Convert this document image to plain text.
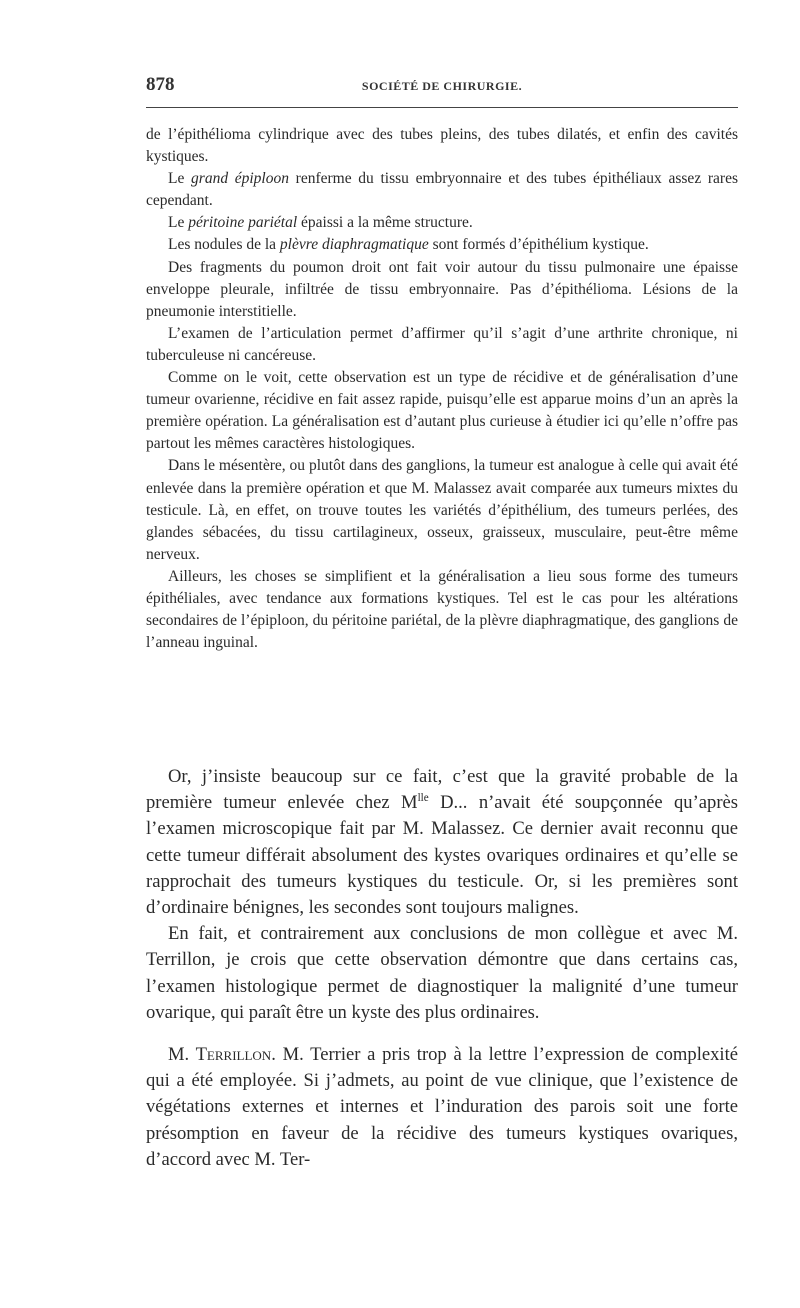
878	SOCIÉTÉ DE CHIRURGIE.

de l’épithélioma cylindrique avec des tubes pleins, des tubes dilatés, et enfin des cavités kystiques.

Le grand épiploon renferme du tissu embryonnaire et des tubes épithéliaux assez rares cependant.

Le péritoine pariétal épaissi a la même structure.

Les nodules de la plèvre diaphragmatique sont formés d’épithélium kystique.

Des fragments du poumon droit ont fait voir autour du tissu pulmonaire une épaisse enveloppe pleurale, infiltrée de tissu embryonnaire. Pas d’épithélioma. Lésions de la pneumonie interstitielle.

L’examen de l’articulation permet d’affirmer qu’il s’agit d’une arthrite chronique, ni tuberculeuse ni cancéreuse.

Comme on le voit, cette observation est un type de récidive et de généralisation d’une tumeur ovarienne, récidive en fait assez rapide, puisqu’elle est apparue moins d’un an après la première opération. La généralisation est d’autant plus curieuse à étudier ici qu’elle n’offre pas partout les mêmes caractères histologiques.

Dans le mésentère, ou plutôt dans des ganglions, la tumeur est analogue à celle qui avait été enlevée dans la première opération et que M. Malassez avait comparée aux tumeurs mixtes du testicule. Là, en effet, on trouve toutes les variétés d’épithélium, des tumeurs perlées, des glandes sébacées, du tissu cartilagineux, osseux, graisseux, musculaire, peut-être même nerveux.

Ailleurs, les choses se simplifient et la généralisation a lieu sous forme des tumeurs épithéliales, avec tendance aux formations kystiques. Tel est le cas pour les altérations secondaires de l’épiploon, du péritoine pariétal, de la plèvre diaphragmatique, des ganglions de l’anneau inguinal.

Or, j’insiste beaucoup sur ce fait, c’est que la gravité probable de la première tumeur enlevée chez $M^{lle}$ D... n’avait été soupçonnée qu’après l’examen microscopique fait par M. Malassez. Ce dernier avait reconnu que cette tumeur différait absolument des kystes ovariques ordinaires et qu’elle se rapprochait des tumeurs kystiques du testicule. Or, si les premières sont d’ordinaire bénignes, les secondes sont toujours malignes.

En fait, et contrairement aux conclusions de mon collègue et avec M. Terrillon, je crois que cette observation démontre que dans certains cas, l’examen histologique permet de diagnostiquer la malignité d’une tumeur ovarique, qui paraît être un kyste des plus ordinaires.

M. Terrillon. M. Terrier a pris trop à la lettre l’expression de complexité qui a été employée. Si j’admets, au point de vue clinique, que l’existence de végétations externes et internes et l’induration des parois soit une forte présomption en faveur de la récidive des tumeurs kystiques ovariques, d’accord avec M. Ter-
